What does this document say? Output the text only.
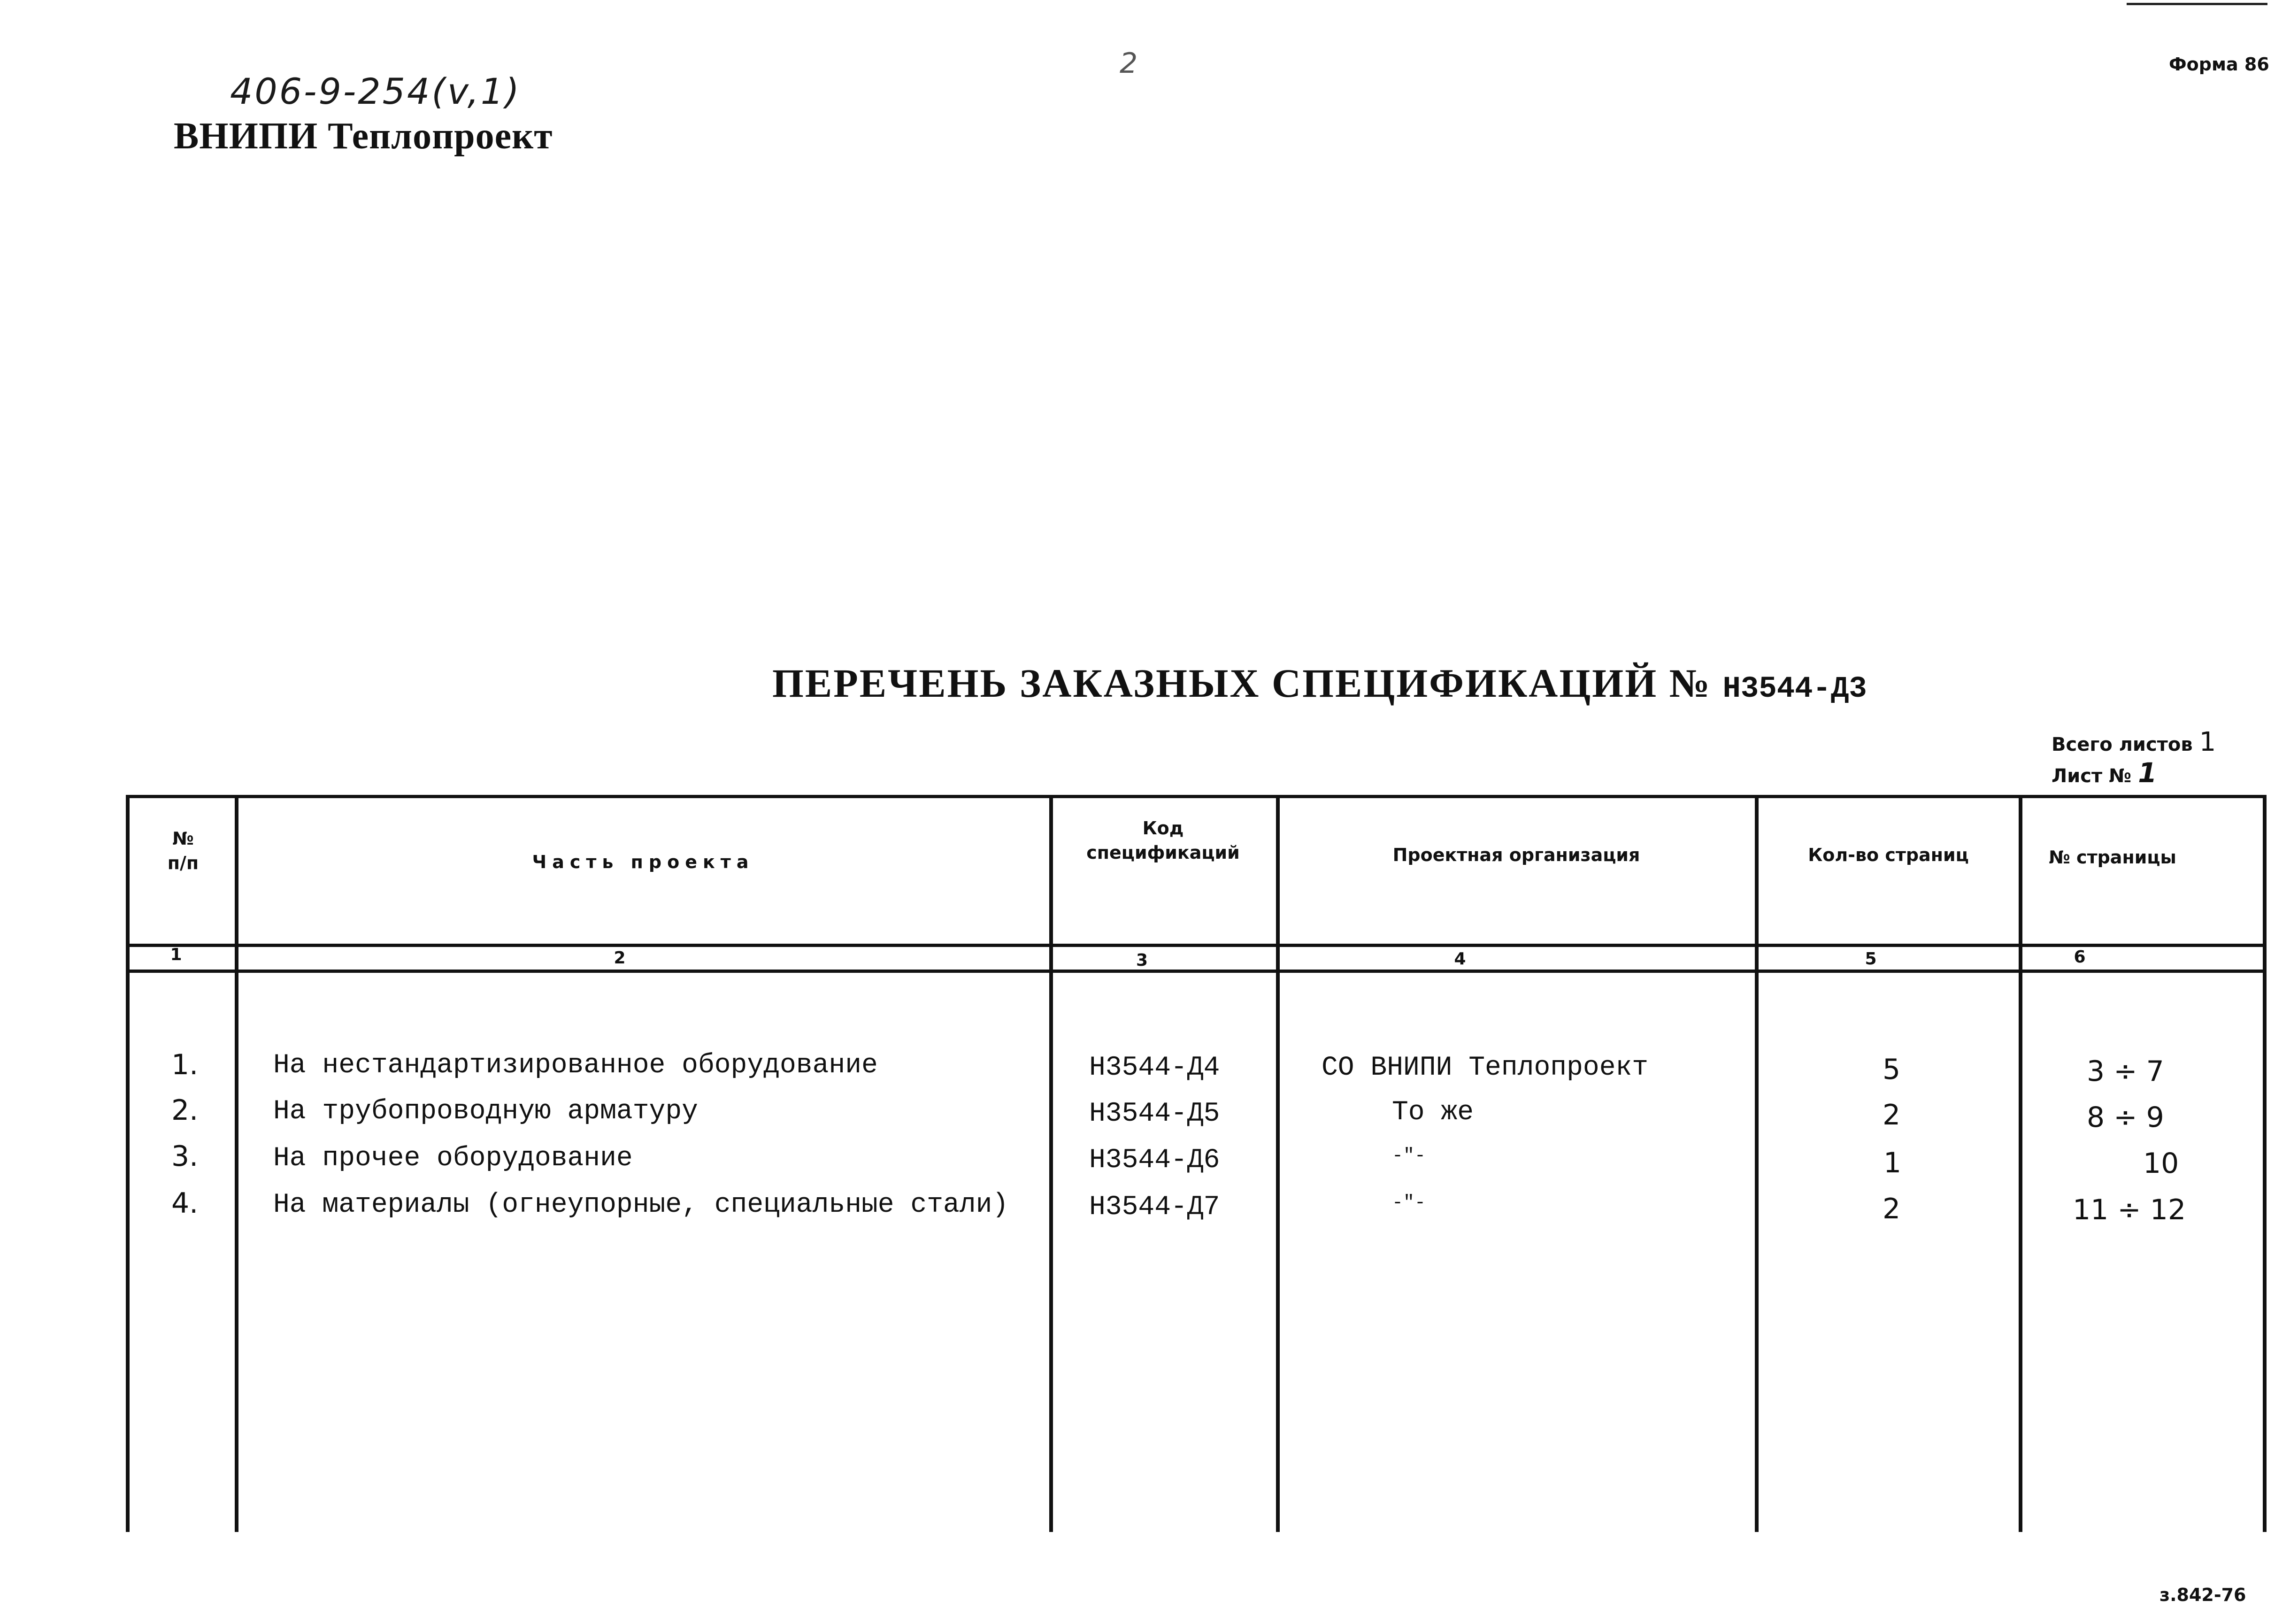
406-9-254(v,1)
ВНИПИ Теплопроект
2	Форма 86
ПЕРЕЧЕНЬ ЗАКАЗНЫХ СПЕЦИФИКАЦИЙ № Н3544-Д3
Всего листов 1
Лист № 1
№
п/п	Часть проекта
Код
спецификаций	Проектная организация	Кол-во страниц	№ страницы
1	2	3	4	5	6
1.	На нестандартизированное оборудование	Н3544-Д4	СО ВНИПИ Теплопроект	5	3 ÷ 7
2.	На трубопроводную арматуру	Н3544-Д5	То же	2	8 ÷ 9
3.	На прочее оборудование	Н3544-Д6	-"-	1	10
4.	На материалы (огнеупорные, специальные стали)	Н3544-Д7	-"-	2	11 ÷ 12
з.842-76
